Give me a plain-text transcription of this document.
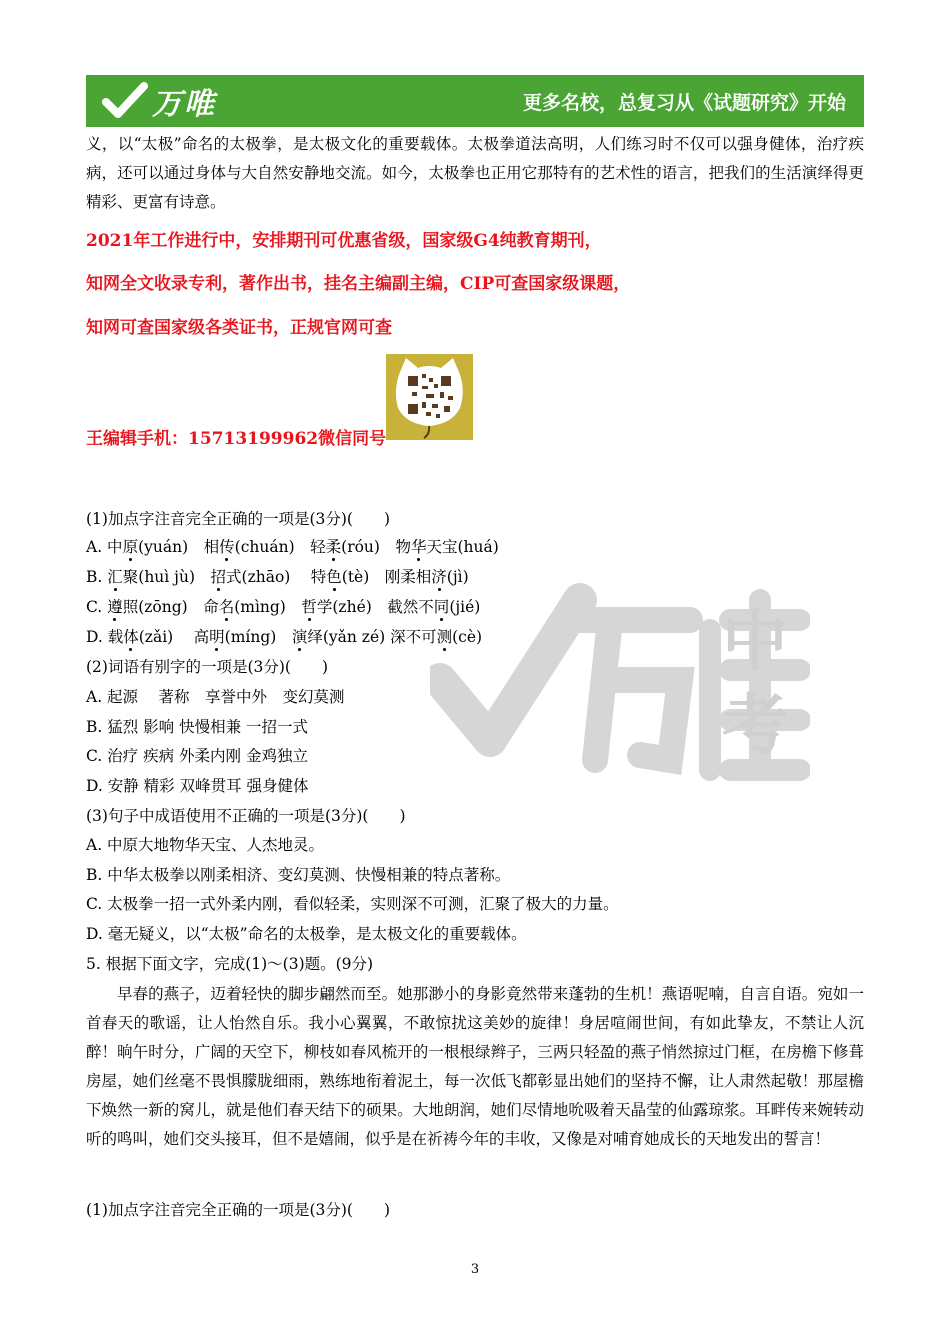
万唯	更多名校，总复习从《试题研究》开始
义，以“太极”命名的太极拳，是太极文化的重要载体。太极拳道法高明，人们练习时不仅可以强身健体，治疗疾病，还可以通过身体与大自然安静地交流。如今，太极拳也正用它那特有的艺术性的语言，把我们的生活演绎得更精彩、更富有诗意。
2021年工作进行中，安排期刊可优惠省级，国家级G4纯教育期刊，
知网全文收录专利，著作出书，挂名主编副主编，CIP可查国家级课题，
知网可查国家级各类证书，正规官网可查
王编辑手机：15713199962微信同号
中
考
(1)加点字注音完全正确的一项是(3分)(　　)
A. 中原(yuán)　相传(chuán)　轻柔(róu)　物华天宝(huá)
B. 汇聚(huì jù)　招式(zhāo)　 特色(tè)　刚柔相济(jì)
C. 遵照(zōng)　命名(mìng)　哲学(zhé)　截然不同(jié)
D. 载体(zǎi)　 高明(míng)　演绎(yǎn zé) 深不可测(cè)
(2)词语有别字的一项是(3分)(　　)
A. 起源　 著称　享誉中外　变幻莫测
B. 猛烈 影响 快慢相兼 一招一式
C. 治疗 疾病 外柔内刚 金鸡独立
D. 安静 精彩 双峰贯耳 强身健体
(3)句子中成语使用不正确的一项是(3分)(　　)
A. 中原大地物华天宝、人杰地灵。
B. 中华太极拳以刚柔相济、变幻莫测、快慢相兼的特点著称。
C. 太极拳一招一式外柔内刚，看似轻柔，实则深不可测，汇聚了极大的力量。
D. 毫无疑义，以“太极”命名的太极拳，是太极文化的重要载体。
5. 根据下面文字，完成(1)～(3)题。(9分)
早春的燕子，迈着轻快的脚步翩然而至。她那渺小的身影竟然带来蓬勃的生机！燕语呢喃，自言自语。宛如一首春天的歌谣，让人怡然自乐。我小心翼翼，不敢惊扰这美妙的旋律！身居喧闹世间，有如此挚友，不禁让人沉醉！晌午时分，广阔的天空下，柳枝如春风梳开的一根根绿辫子，三两只轻盈的燕子悄然掠过门框，在房檐下修葺房屋，她们丝毫不畏惧朦胧细雨，熟练地衔着泥土，每一次低飞都彰显出她们的坚持不懈，让人肃然起敬！那屋檐下焕然一新的窝儿，就是他们春天结下的硕果。大地朗润，她们尽情地吮吸着天晶莹的仙露琼浆。耳畔传来婉转动听的鸣叫，她们交头接耳，但不是嬉闹，似乎是在祈祷今年的丰收，又像是对哺育她成长的天地发出的誓言！
(1)加点字注音完全正确的一项是(3分)(　　)
3
